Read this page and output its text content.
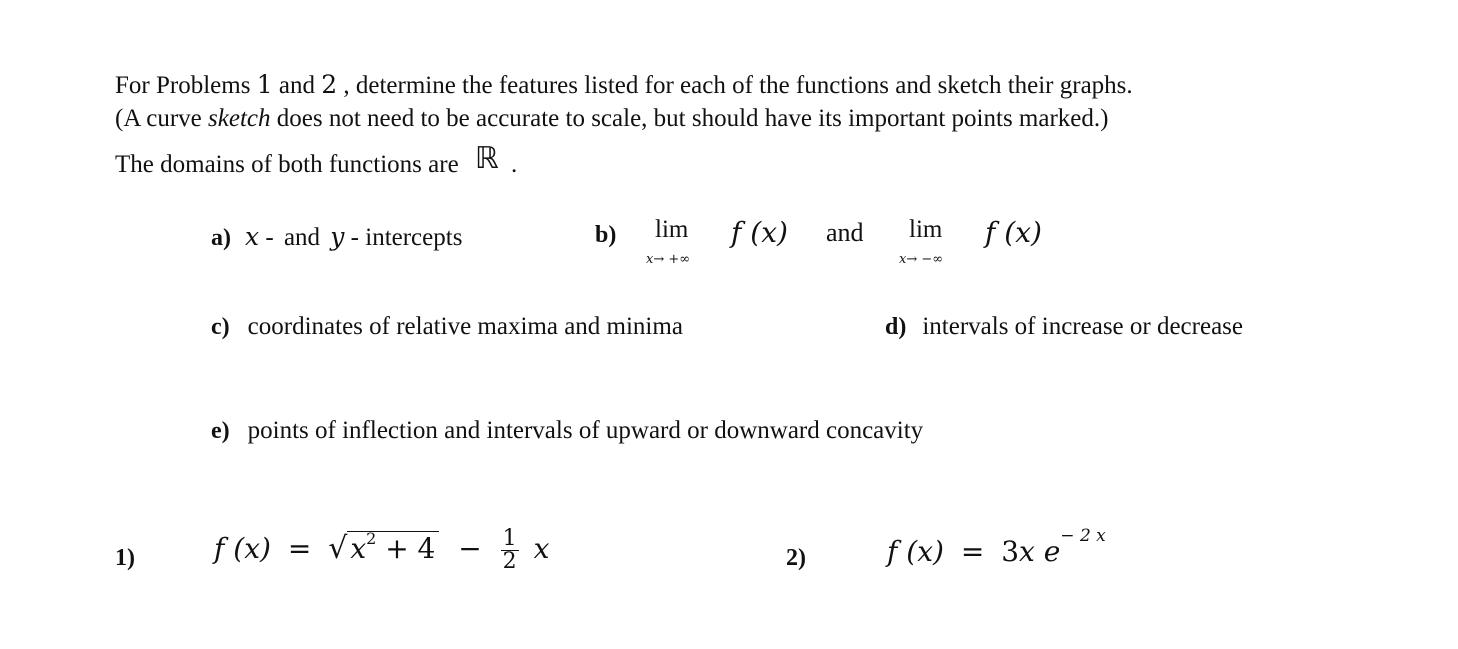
For Problems 1 and 2 , determine the features listed for each of the functions and sketch their graphs.
(A curve sketch does not need to be accurate to scale, but should have its important points marked.)
The domains of both functions are ℝ .
a) x - and y - intercepts	b) lim
x→ +∞
f (x) and lim
x→ −∞
f (x)
c) coordinates of relative maxima and minima	d) intervals of increase or decrease
e) points of inflection and intervals of upward or downward concavity
1)	f (x) = √ $x^2 + 4 - \frac{1}{2}$ x	2)	f (x) = 3x $e^{- 2 x}$
